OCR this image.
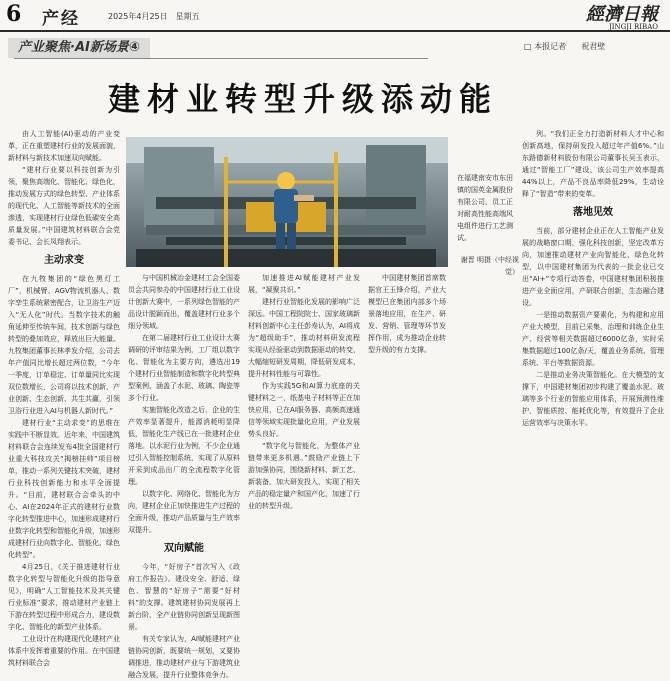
6 产经	2025年4月25日　星期五	經濟日報
JINGJI RIBAO
产业聚焦·AI新场景④	□ 本报记者 祝君壁
建材业转型升级添动能

由人工智能(AI)驱动的产业变革，正在重塑建材行业的发展面貌，新材料与新技术加速双向赋能。

“建材行业要以科技创新为引领，聚焦高端化、智能化、绿色化，推动发展方式的绿色转型、产业体系的现代化、人工智能等新技术的全面渗透，实现建材行业绿色低碳安全高质量发展。”中国建筑材料联合会党委书记、会长凤翔表示。

主动求变

在九牧集团的“绿色黑灯工厂”，机械臂、AGV物流机器人、数字孪生系统紧密配合，让卫浴生产迈入“无人化”时代。当数字技术的触角延伸至传统车间，技术创新与绿色转型的叠加效应，释放出巨大能量。九牧集团董事长林孝发介绍，公司去年产值同比增长超过两位数，“今年一季度，订单稳定、订单量同比实现双位数增长，公司将以技术创新，产业创新、生态创新、共生共赢，引领卫浴行业进入AI与机器人新时代。”

建材行业“主动求变”的思维在实践中不断显效。近年来，中国建筑材料联合会连续发布4批全国建材行业重大科技攻关“揭榜挂帅”项目榜单，推动一系列关键技术突破，建材行业科技创新能力和水平全面提升。“目前，建材联合会牵头的中心、AI在2024年正式的建材行业数字化转型推进中心，加速形成建材行业数字化转型和智能化升级，加速形成建材行业向数字化、智能化、绿色化转型”。

4月25日，《关于推进建材行业数字化转型与智能化升级的指导意见》，明确“人工智能技术及其关键行业标准”要求，推动建材产业链上下游在转型过程中形成合力，建设数字化、智能化的新型产业体系。

工业设计在构建现代化建材产业体系中发挥着重要的作用。在中国建筑材料联合会

在福建南安市东田镇的国英金属股份有限公司，员工正对耐高性能高端风电组件进行工艺测试。
谢晋 明摄（中经视觉）

与中国机械冶金建材工会全国委员会共同参办的中国建材行业工业设计创新大赛中，一系列绿色智能的产品设计脱颖而出，覆盖建材行业多个细分领域。

在第二届建材行业工业设计大赛调研的评审结果为例，工厂组以数字化、智能化为主要方向，遴选出19个建材行业智能制造和数字化转型典型案例，涵盖了水泥、玻璃、陶瓷等多个行业。

实施智能化改造之后，企业的生产效率显著提升，能源消耗明显降低，智能化生产线已在一批建材企业落地。以水泥行业为例，不少企业通过引入智能控制系统，实现了从原料开采到成品出厂的全流程数字化管理。

以数字化、网络化、智能化为方向，建材企业正加快推进生产过程的全面升级，推动产品质量与生产效率双提升。

双向赋能

今年，“好房子”首次写入《政府工作报告》。建设安全、舒适、绿色、智慧的“好房子”需要“好材料”的支撑。建筑建材协同发展再上新台阶，全产业链协同创新呈现新图景。

有关专家认为，AI赋能建材产业链协同创新，既要统一规划，又要协调推进，推动建材产业与下游建筑业融合发展，提升行业整体竞争力。

加速推进AI赋能建材产业发展，“凝聚共识。”

建材行业智能化发展的影响广泛深远。中国工程院院士、国家玻璃新材料创新中心主任彭寿认为，AI将成为“超级助手”，推动材料研发流程实现从经验驱动到数据驱动的转变，大幅缩短研发周期，降低研发成本，提升材料性能与可靠性。

作为实践5G和AI算力底座的关键材料之一，纸基电子材料等正在加快应用，已在AI服务器、高频高速通信等领域实现批量化应用，产业发展势头良好。

“数字化与智能化，为整体产业链带来更多机遇。”鼓励产业链上下游加强协同，围绕新材料、新工艺、新装备，加大研发投入，实现了相关产品的稳定量产和国产化，加速了行业的转型升级。

中国建材集团首席数据官王玉锋介绍，产业大模型已在集团内部多个场景落地应用，在生产、研发、营销、管理等环节发挥作用，成为推动企业转型升级的有力支撑。

列。“我们正全力打造新材料人才中心和创新高地，保持研发投入超过年产值6%。”山东路德新材料股份有限公司董事长吴玉表示，通过“智能工厂”建设，该公司生产效率提高44%以上，产品不良品率降低29%，生动诠释了“智造”带来的变革。

落地见效

当前，部分建材企业正在人工智能产业发展的战略窗口期，强化科技创新，坚定改革方向，加速推动建材产业向智能化、绿色化转型，以中国建材集团为代表的一批企业已交出“AI+”专项行动答卷，中国建材集团积极推进产业全面应用，产研联合创新，生态融合建设。

一是推动数据资产要素化，为构建和应用产业大模型，目前已采集、治理和训练企业生产、经营等相关数据超过6000亿条，实时采集数据超过100亿条/天，覆盖业务系统、管理系统、平台等数据资源。

二是推动业务决策智能化。在大模型的支撑下，中国建材集团初步构建了覆盖水泥、玻璃等多个行业的智能应用体系，开展预测性维护、智能质控、能耗优化等，有效提升了企业运营效率与决策水平。
